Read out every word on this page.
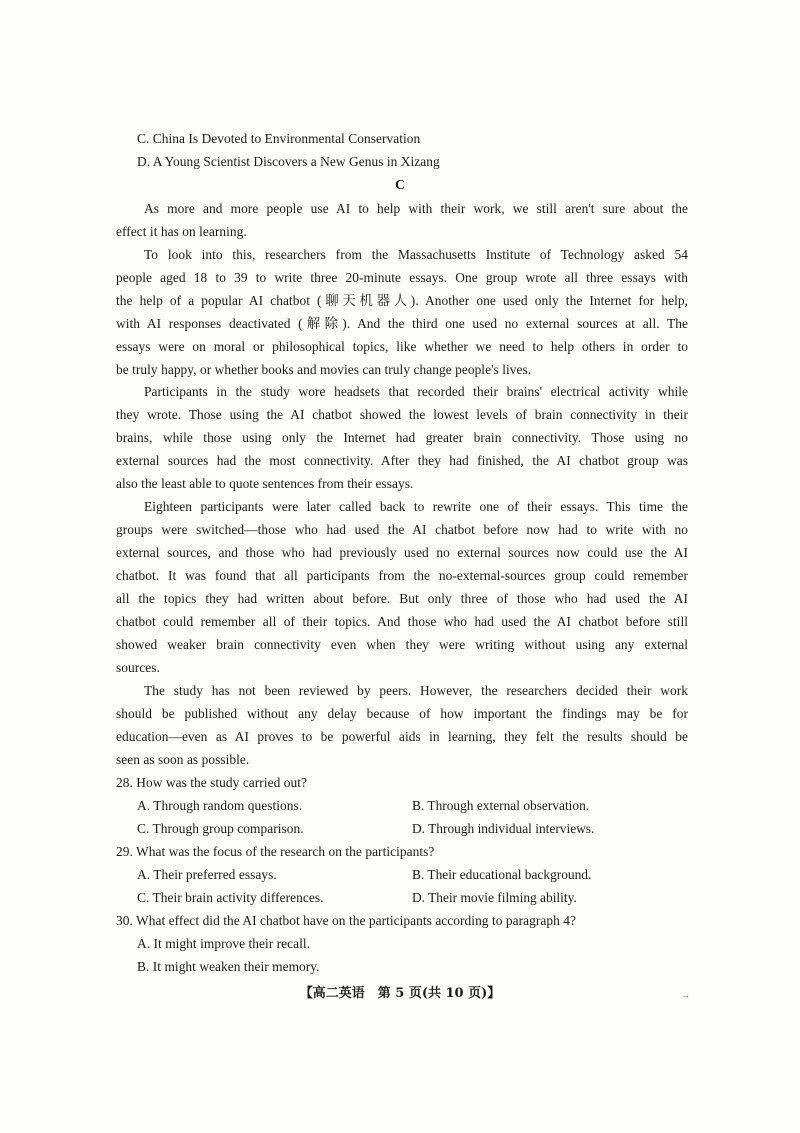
C. China Is Devoted to Environmental Conservation
D. A Young Scientist Discovers a New Genus in Xizang
C
As more and more people use AI to help with their work, we still aren't sure about the
effect it has on learning.
To look into this, researchers from the Massachusetts Institute of Technology asked 54
people aged 18 to 39 to write three 20-minute essays. One group wrote all three essays with
the help of a popular AI chatbot (聊天机器人). Another one used only the Internet for help,
with AI responses deactivated (解除). And the third one used no external sources at all. The
essays were on moral or philosophical topics, like whether we need to help others in order to
be truly happy, or whether books and movies can truly change people's lives.
Participants in the study wore headsets that recorded their brains' electrical activity while
they wrote. Those using the AI chatbot showed the lowest levels of brain connectivity in their
brains, while those using only the Internet had greater brain connectivity. Those using no
external sources had the most connectivity. After they had finished, the AI chatbot group was
also the least able to quote sentences from their essays.
Eighteen participants were later called back to rewrite one of their essays. This time the
groups were switched—those who had used the AI chatbot before now had to write with no
external sources, and those who had previously used no external sources now could use the AI
chatbot. It was found that all participants from the no-external-sources group could remember
all the topics they had written about before. But only three of those who had used the AI
chatbot could remember all of their topics. And those who had used the AI chatbot before still
showed weaker brain connectivity even when they were writing without using any external
sources.
The study has not been reviewed by peers. However, the researchers decided their work
should be published without any delay because of how important the findings may be for
education—even as AI proves to be powerful aids in learning, they felt the results should be
seen as soon as possible.
28. How was the study carried out?
A. Through random questions.	B. Through external observation.
C. Through group comparison.	D. Through individual interviews.
29. What was the focus of the research on the participants?
A. Their preferred essays.	B. Their educational background.
C. Their brain activity differences.	D. Their movie filming ability.
30. What effect did the AI chatbot have on the participants according to paragraph 4?
A. It might improve their recall.
B. It might weaken their memory.
【高二英语　第 5 页(共 10 页)】	→
